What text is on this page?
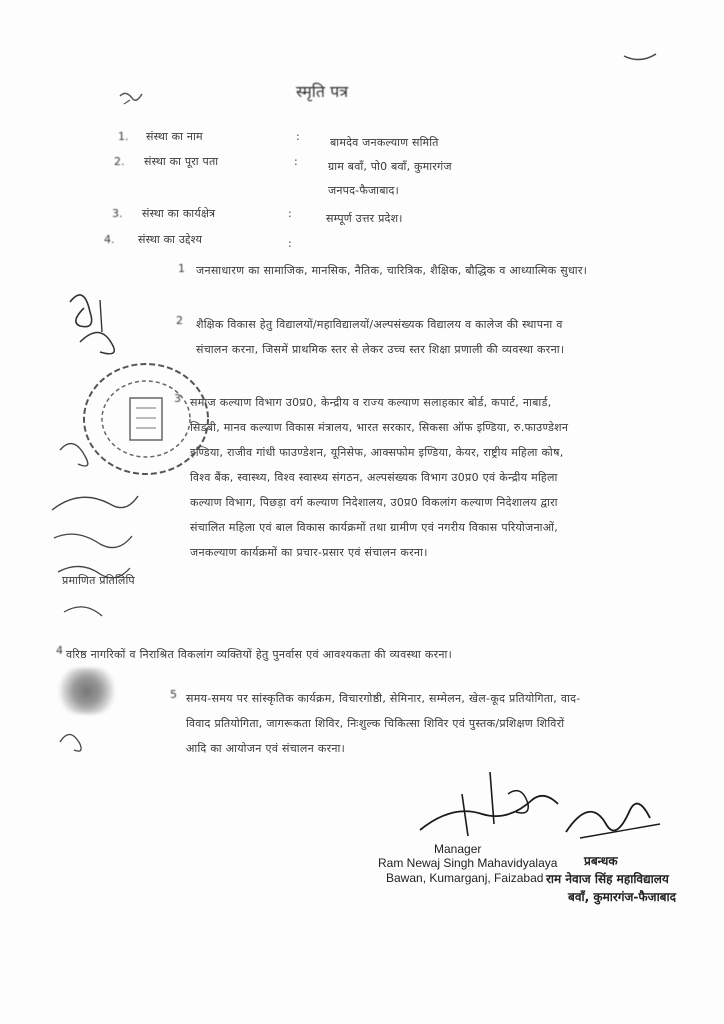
स्मृति पत्र
1. संस्था का नाम	:	बामदेव जनकल्याण समिति
2. संस्था का पूरा पता	:	ग्राम बवाँ, पो0 बवाँ, कुमारगंज
जनपद-फैजाबाद।
3. संस्था का कार्यक्षेत्र	:	सम्पूर्ण उत्तर प्रदेश।
4. संस्था का उद्देश्य	:
1 जनसाधारण का सामाजिक, मानसिक, नैतिक, चारित्रिक, शैक्षिक, बौद्धिक व आध्यात्मिक सुधार।
2 शैक्षिक विकास हेतु विद्यालयों/महाविद्यालयों/अल्पसंख्यक विद्यालय व कालेज की स्थापना व संचालन करना, जिसमें प्राथमिक स्तर से लेकर उच्च स्तर शिक्षा प्रणाली की व्यवस्था करना।
3 समाज कल्याण विभाग उ0प्र0, केन्द्रीय व राज्य कल्याण सलाहकार बोर्ड, कपार्ट, नाबार्ड, सिडबी, मानव कल्याण विकास मंत्रालय, भारत सरकार, सिकसा ऑफ इण्डिया, रु.फाउण्डेशन इण्डिया, राजीव गांधी फाउण्डेशन, यूनिसेफ, आक्सफोम इण्डिया, केयर, राष्ट्रीय महिला कोष, विश्व बैंक, स्वास्थ्य, विश्व स्वास्थ्य संगठन, अल्पसंख्यक विभाग उ0प्र0 एवं केन्द्रीय महिला कल्याण विभाग, पिछड़ा वर्ग कल्याण निदेशालय, उ0प्र0 विकलांग कल्याण निदेशालय द्वारा संचालित महिला एवं बाल विकास कार्यक्रमों तथा ग्रामीण एवं नगरीय विकास परियोजनाओं, जनकल्याण कार्यक्रमों का प्रचार-प्रसार एवं संचालन करना।
4 वरिष्ठ नागरिकों व निराश्रित विकलांग व्यक्तियों हेतु पुनर्वास एवं आवश्यकता की व्यवस्था करना।
5 समय-समय पर सांस्कृतिक कार्यक्रम, विचारगोष्ठी, सेमिनार, सम्मेलन, खेल-कूद प्रतियोगिता, वाद-विवाद प्रतियोगिता, जागरूकता शिविर, निःशुल्क चिकित्सा शिविर एवं पुस्तक/प्रशिक्षण शिविरों आदि का आयोजन एवं संचालन करना।
प्रमाणित प्रतिलिपि
Manager
Ram Newaj Singh Mahavidyalaya
Bawan, Kumarganj, Faizabad
प्रबन्धक
राम नेवाज सिंह महाविद्यालय
बवाँ, कुमारगंज-फैजाबाद
